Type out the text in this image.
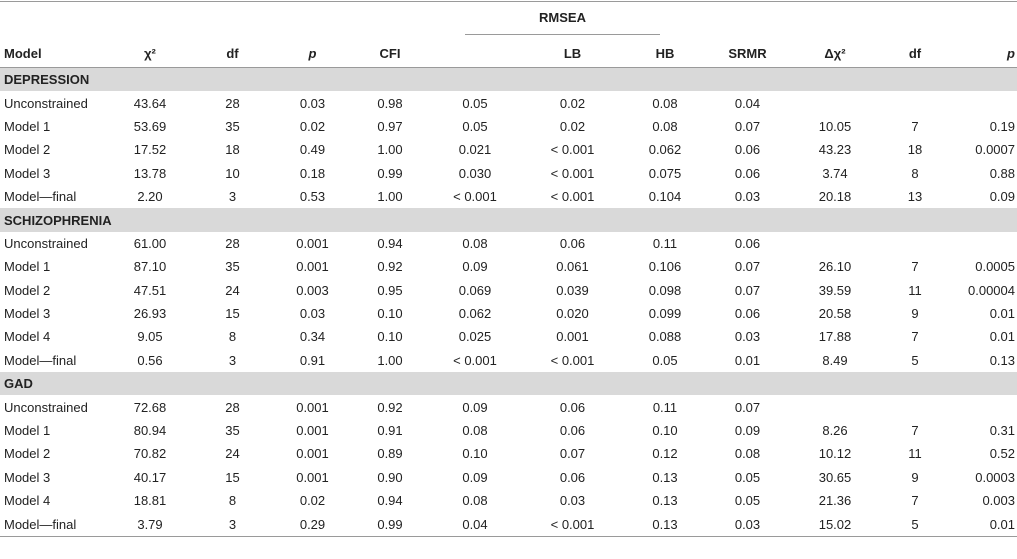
RMSEA
Model	χ²	df	p	CFI		LB	HB	SRMR	Δχ²	df	p
DEPRESSION											
Unconstrained	43.64	28	0.03	0.98	0.05	0.02	0.08	0.04			
Model 1	53.69	35	0.02	0.97	0.05	0.02	0.08	0.07	10.05	7	0.19
Model 2	17.52	18	0.49	1.00	0.021	< 0.001	0.062	0.06	43.23	18	0.0007
Model 3	13.78	10	0.18	0.99	0.030	< 0.001	0.075	0.06	3.74	8	0.88
Model—final	2.20	3	0.53	1.00	< 0.001	< 0.001	0.104	0.03	20.18	13	0.09
SCHIZOPHRENIA											
Unconstrained	61.00	28	0.001	0.94	0.08	0.06	0.11	0.06			
Model 1	87.10	35	0.001	0.92	0.09	0.061	0.106	0.07	26.10	7	0.0005
Model 2	47.51	24	0.003	0.95	0.069	0.039	0.098	0.07	39.59	11	0.00004
Model 3	26.93	15	0.03	0.10	0.062	0.020	0.099	0.06	20.58	9	0.01
Model 4	9.05	8	0.34	0.10	0.025	0.001	0.088	0.03	17.88	7	0.01
Model—final	0.56	3	0.91	1.00	< 0.001	< 0.001	0.05	0.01	8.49	5	0.13
GAD											
Unconstrained	72.68	28	0.001	0.92	0.09	0.06	0.11	0.07			
Model 1	80.94	35	0.001	0.91	0.08	0.06	0.10	0.09	8.26	7	0.31
Model 2	70.82	24	0.001	0.89	0.10	0.07	0.12	0.08	10.12	11	0.52
Model 3	40.17	15	0.001	0.90	0.09	0.06	0.13	0.05	30.65	9	0.0003
Model 4	18.81	8	0.02	0.94	0.08	0.03	0.13	0.05	21.36	7	0.003
Model—final	3.79	3	0.29	0.99	0.04	< 0.001	0.13	0.03	15.02	5	0.01
